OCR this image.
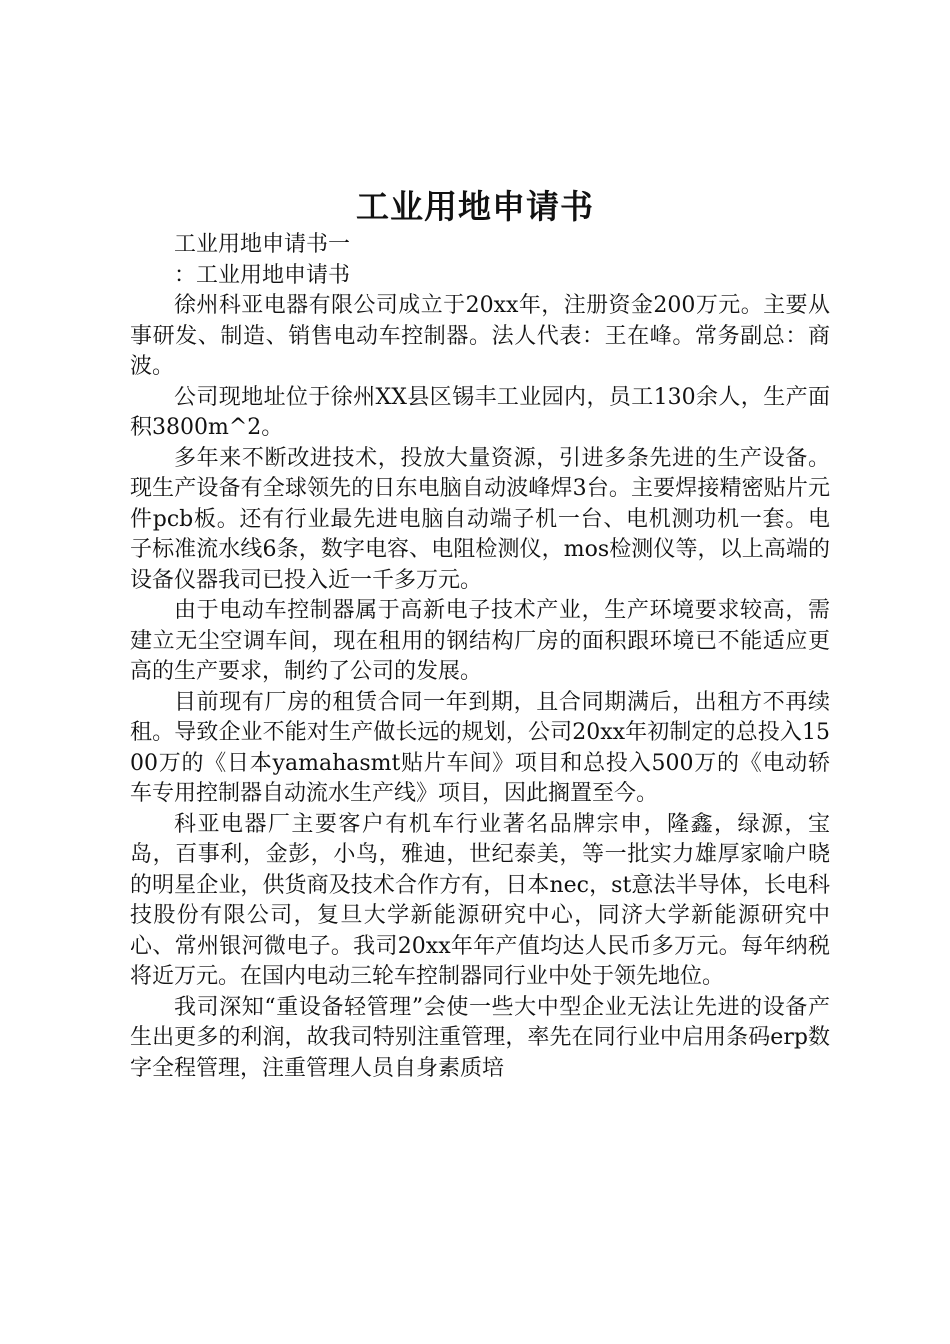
工业用地申请书

工业用地申请书一

：工业用地申请书

徐州科亚电器有限公司成立于20xx年，注册资金200万元。主要从事研发、制造、销售电动车控制器。法人代表：王在峰。常务副总：商波。

公司现地址位于徐州XX县区锡丰工业园内，员工130余人，生产面积3800m^2。

多年来不断改进技术，投放大量资源，引进多条先进的生产设备。现生产设备有全球领先的日东电脑自动波峰焊3台。主要焊接精密贴片元件pcb板。还有行业最先进电脑自动端子机一台、电机测功机一套。电子标准流水线6条，数字电容、电阻检测仪，mos检测仪等，以上高端的设备仪器我司已投入近一千多万元。

由于电动车控制器属于高新电子技术产业，生产环境要求较高，需建立无尘空调车间，现在租用的钢结构厂房的面积跟环境已不能适应更高的生产要求，制约了公司的发展。

目前现有厂房的租赁合同一年到期，且合同期满后，出租方不再续租。导致企业不能对生产做长远的规划，公司20xx年初制定的总投入1500万的《日本yamahasmt贴片车间》项目和总投入500万的《电动轿车专用控制器自动流水生产线》项目，因此搁置至今。

科亚电器厂主要客户有机车行业著名品牌宗申，隆鑫，绿源，宝岛，百事利，金彭，小鸟，雅迪，世纪泰美，等一批实力雄厚家喻户晓的明星企业，供货商及技术合作方有，日本nec，st意法半导体，长电科技股份有限公司，复旦大学新能源研究中心，同济大学新能源研究中心、常州银河微电子。我司20xx年年产值均达人民币多万元。每年纳税将近万元。在国内电动三轮车控制器同行业中处于领先地位。

我司深知“重设备轻管理”会使一些大中型企业无法让先进的设备产生出更多的利润，故我司特别注重管理，率先在同行业中启用条码erp数字全程管理，注重管理人员自身素质培
